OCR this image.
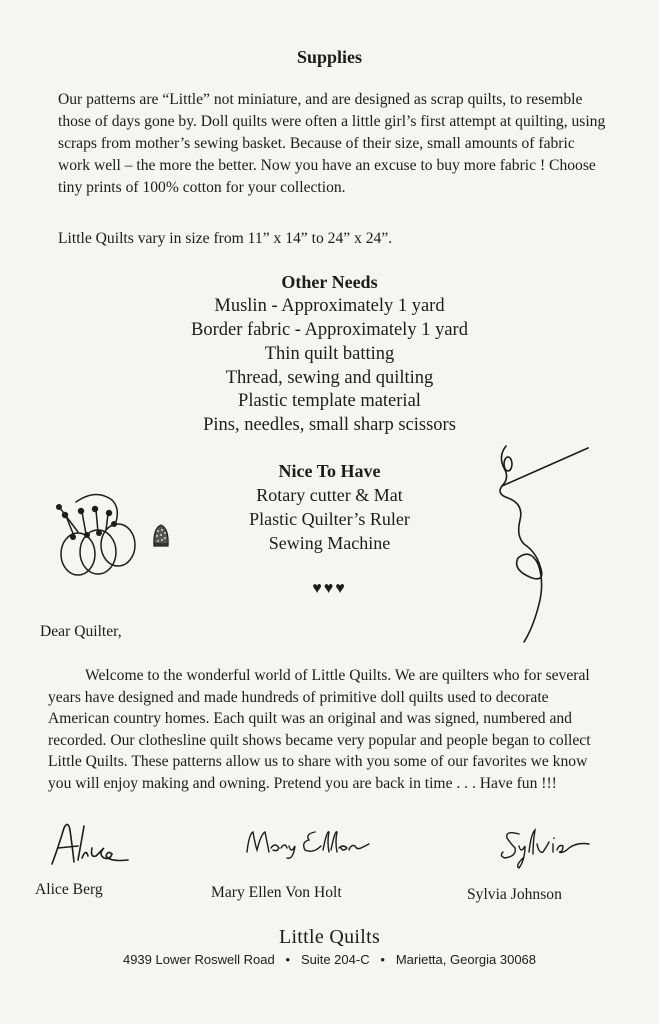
Supplies

Our patterns are “Little” not miniature, and are designed as scrap quilts, to resemble those of days gone by. Doll quilts were often a little girl’s first attempt at quilting, using scraps from mother’s sewing basket. Because of their size, small amounts of fabric work well – the more the better. Now you have an excuse to buy more fabric ! Choose tiny prints of 100% cotton for your collection.

Little Quilts vary in size from 11” x 14” to 24” x 24”.

Other Needs
Muslin - Approximately 1 yard
Border fabric - Approximately 1 yard
Thin quilt batting
Thread, sewing and quilting
Plastic template material
Pins, needles, small sharp scissors
Nice To Have
Rotary cutter & Mat
Plastic Quilter’s Ruler
Sewing Machine
♥♥♥

Dear Quilter,

Welcome to the wonderful world of Little Quilts. We are quilters who for several years have designed and made hundreds of primitive doll quilts used to decorate American country homes. Each quilt was an original and was signed, numbered and recorded. Our clothesline quilt shows became very popular and people began to collect Little Quilts. These patterns allow us to share with you some of our favorites we know you will enjoy making and owning. Pretend you are back in time . . . Have fun !!!

Alice Berg	Mary Ellen Von Holt	Sylvia Johnson
Little Quilts
4939 Lower Roswell Road   •   Suite 204-C   •   Marietta, Georgia 30068
